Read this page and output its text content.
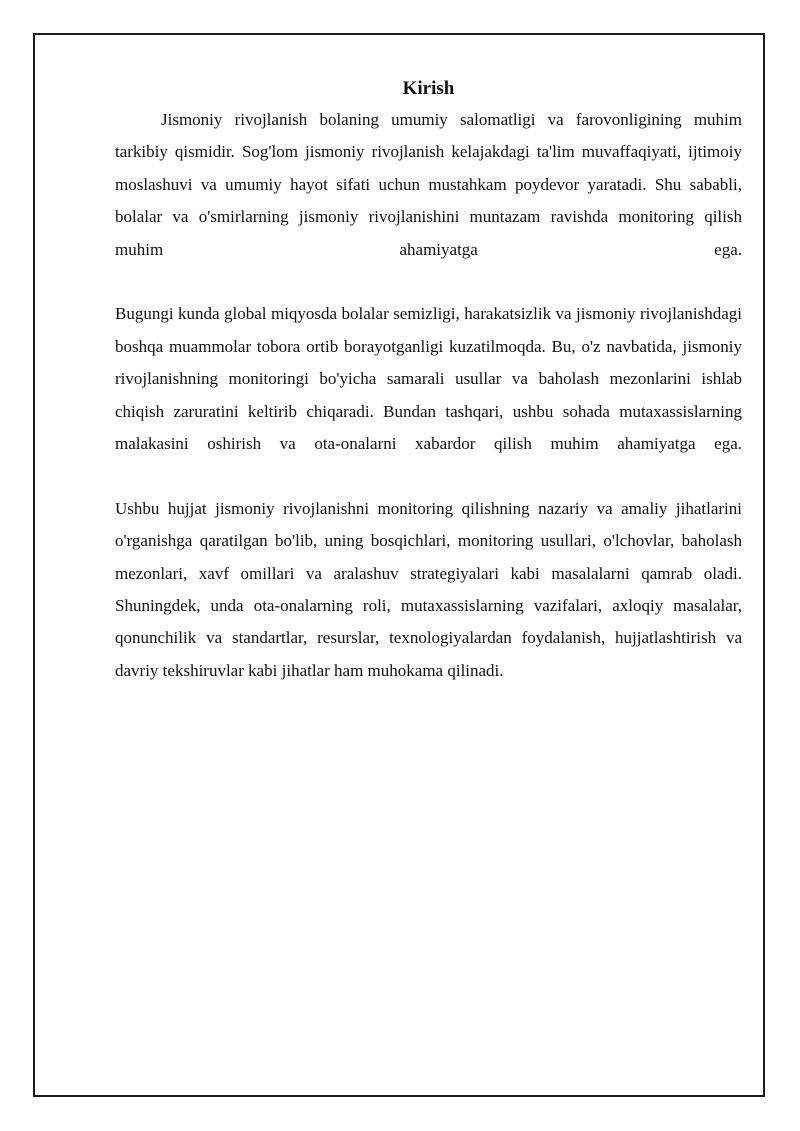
Kirish

Jismoniy rivojlanish bolaning umumiy salomatligi va farovonligining muhim tarkibiy qismidir. Sog'lom jismoniy rivojlanish kelajakdagi ta'lim muvaffaqiyati, ijtimoiy moslashuvi va umumiy hayot sifati uchun mustahkam poydevor yaratadi. Shu sababli, bolalar va o'smirlarning jismoniy rivojlanishini muntazam ravishda monitoring qilish muhim ahamiyatga ega.

Bugungi kunda global miqyosda bolalar semizligi, harakatsizlik va jismoniy rivojlanishdagi boshqa muammolar tobora ortib borayotganligi kuzatilmoqda. Bu, o'z navbatida, jismoniy rivojlanishning monitoringi bo'yicha samarali usullar va baholash mezonlarini ishlab chiqish zaruratini keltirib chiqaradi. Bundan tashqari, ushbu sohada mutaxassislarning malakasini oshirish va ota-onalarni xabardor qilish muhim ahamiyatga ega.

Ushbu hujjat jismoniy rivojlanishni monitoring qilishning nazariy va amaliy jihatlarini o'rganishga qaratilgan bo'lib, uning bosqichlari, monitoring usullari, o'lchovlar, baholash mezonlari, xavf omillari va aralashuv strategiyalari kabi masalalarni qamrab oladi. Shuningdek, unda ota-onalarning roli, mutaxassislarning vazifalari, axloqiy masalalar, qonunchilik va standartlar, resurslar, texnologiyalardan foydalanish, hujjatlashtirish va davriy tekshiruvlar kabi jihatlar ham muhokama qilinadi.
